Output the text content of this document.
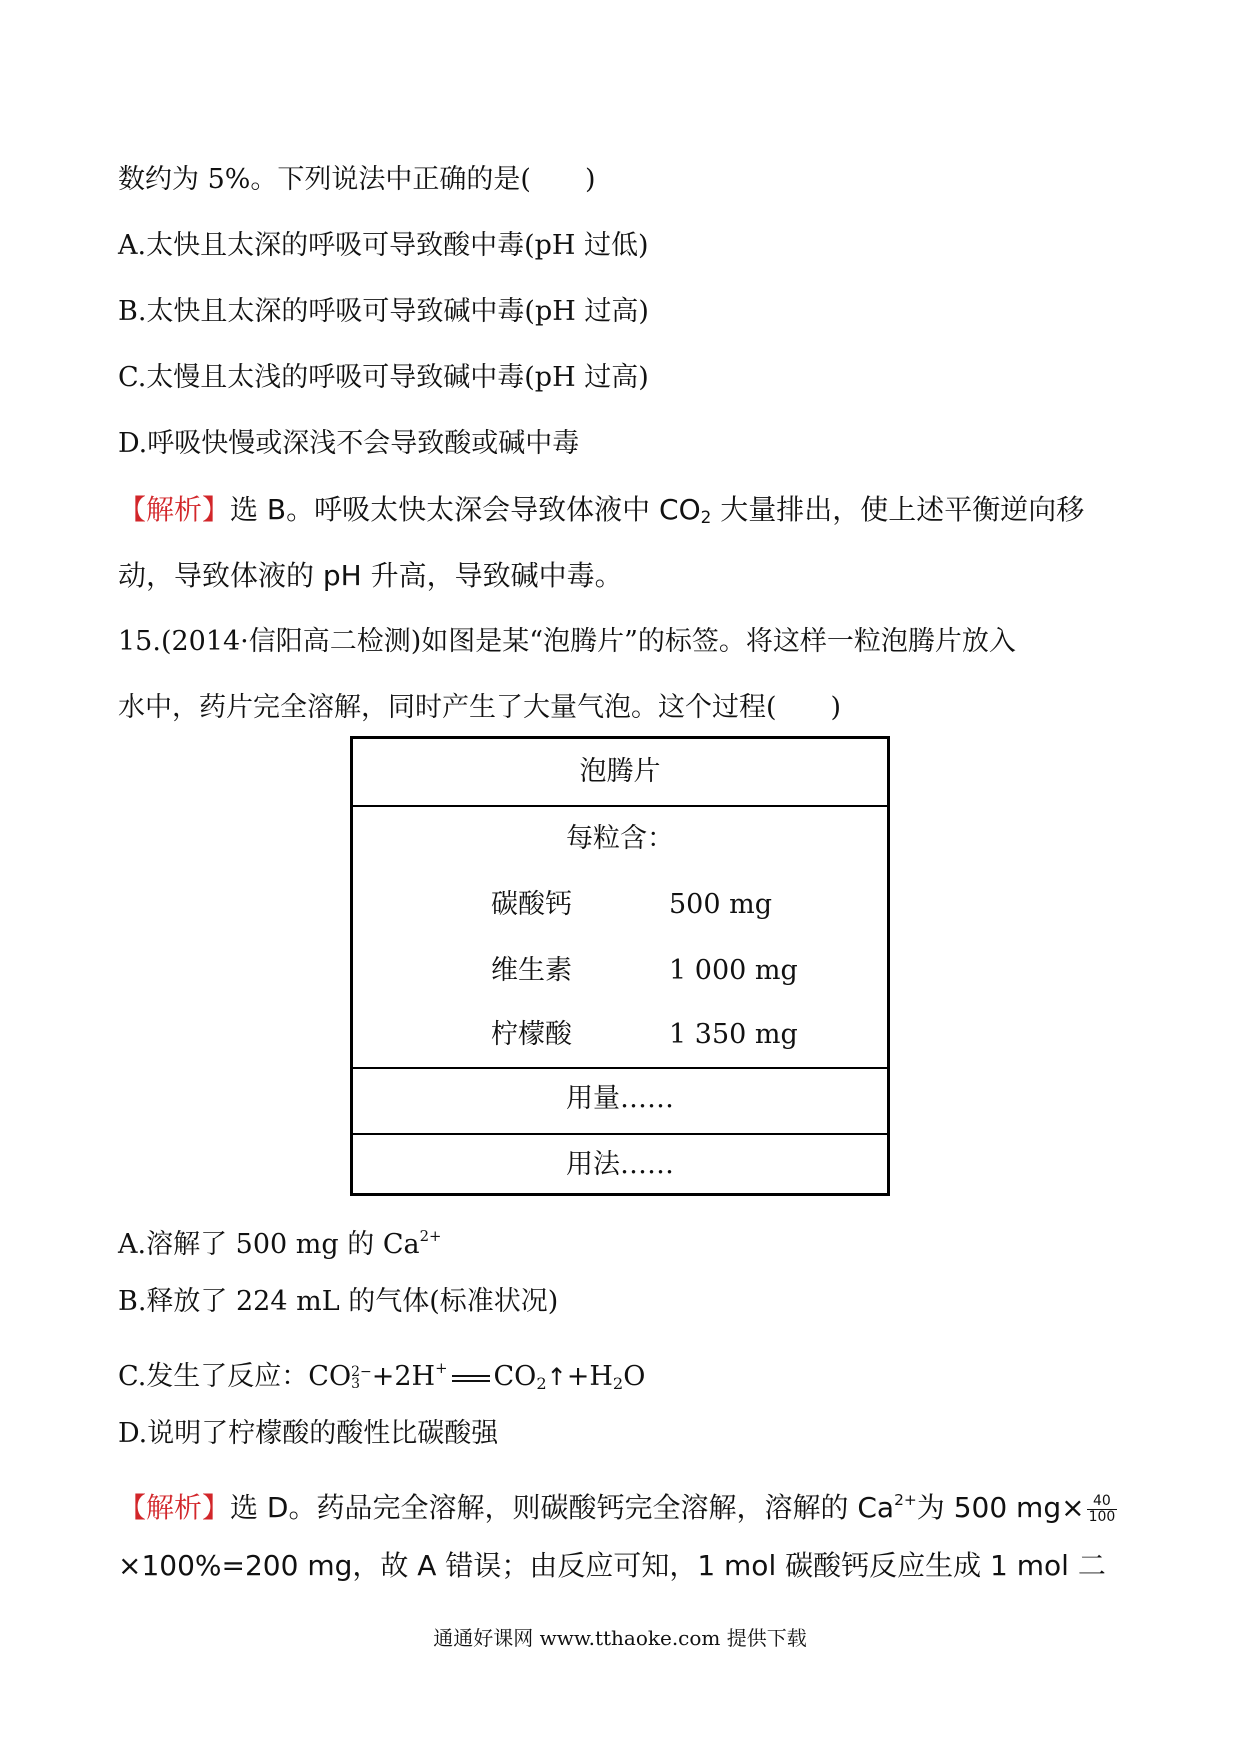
数约为 5%。下列说法中正确的是(　　)
A.太快且太深的呼吸可导致酸中毒(pH 过低)
B.太快且太深的呼吸可导致碱中毒(pH 过高)
C.太慢且太浅的呼吸可导致碱中毒(pH 过高)
D.呼吸快慢或深浅不会导致酸或碱中毒
【解析】选 B。呼吸太快太深会导致体液中 $CO_2$ 大量排出，使上述平衡逆向移
动，导致体液的 pH 升高，导致碱中毒。
15.(2014·信阳高二检测)如图是某“泡腾片”的标签。将这样一粒泡腾片放入
水中，药片完全溶解，同时产生了大量气泡。这个过程(　　)
泡腾片
每粒含：
碳酸钙	500 mg
维生素	1 000 mg
柠檬酸	1 350 mg
用量……
用法……
A.溶解了 500 mg 的 $Ca^{2+}$
B.释放了 224 mL 的气体(标准状况)
C.发生了反应：CO 2−
3 +2H+ $CO_2↑+H_2O$
D.说明了柠檬酸的酸性比碳酸强
【解析】选 D。药品完全溶解，则碳酸钙完全溶解，溶解的 $Ca^{2+}$为 500 $mg\times \frac{40}{100}$
×100%=200 mg，故 A 错误；由反应可知，1 mol 碳酸钙反应生成 1 mol 二
通通好课网 www.tthaoke.com 提供下载
